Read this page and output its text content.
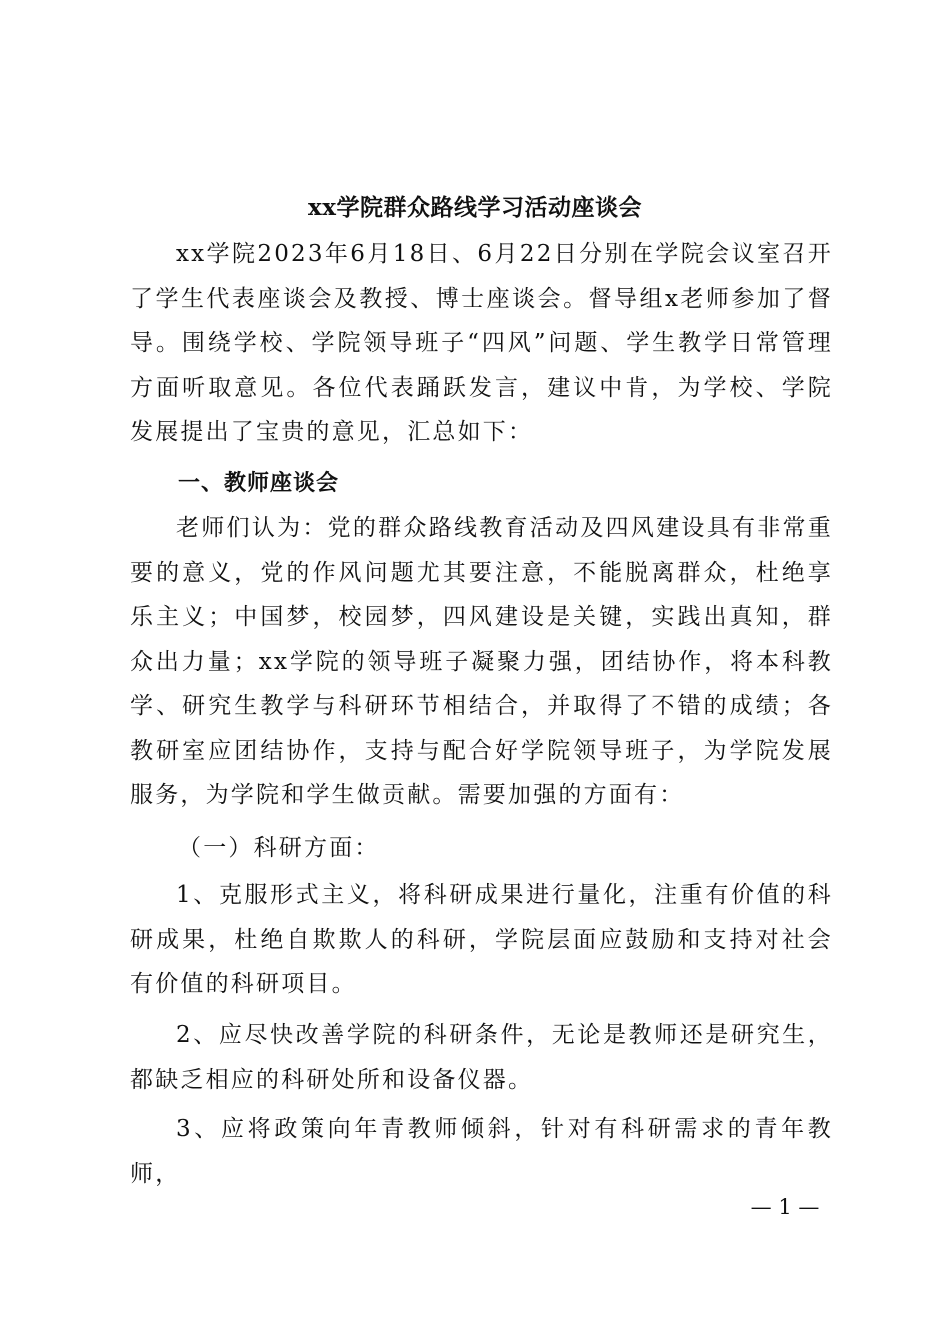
xx学院群众路线学习活动座谈会

xx学院2023年6月18日、6月22日分别在学院会议室召开了学生代表座谈会及教授、博士座谈会。督导组x老师参加了督导。围绕学校、学院领导班子“四风”问题、学生教学日常管理方面听取意见。各位代表踊跃发言，建议中肯，为学校、学院发展提出了宝贵的意见，汇总如下：

一、教师座谈会

老师们认为：党的群众路线教育活动及四风建设具有非常重要的意义，党的作风问题尤其要注意，不能脱离群众，杜绝享乐主义；中国梦，校园梦，四风建设是关键，实践出真知，群众出力量；xx学院的领导班子凝聚力强，团结协作，将本科教学、研究生教学与科研环节相结合，并取得了不错的成绩；各教研室应团结协作，支持与配合好学院领导班子，为学院发展服务，为学院和学生做贡献。需要加强的方面有：

（一）科研方面：

1、克服形式主义，将科研成果进行量化，注重有价值的科研成果，杜绝自欺欺人的科研，学院层面应鼓励和支持对社会有价值的科研项目。

2、应尽快改善学院的科研条件，无论是教师还是研究生，都缺乏相应的科研处所和设备仪器。

3、应将政策向年青教师倾斜，针对有科研需求的青年教师，

— 1 —
